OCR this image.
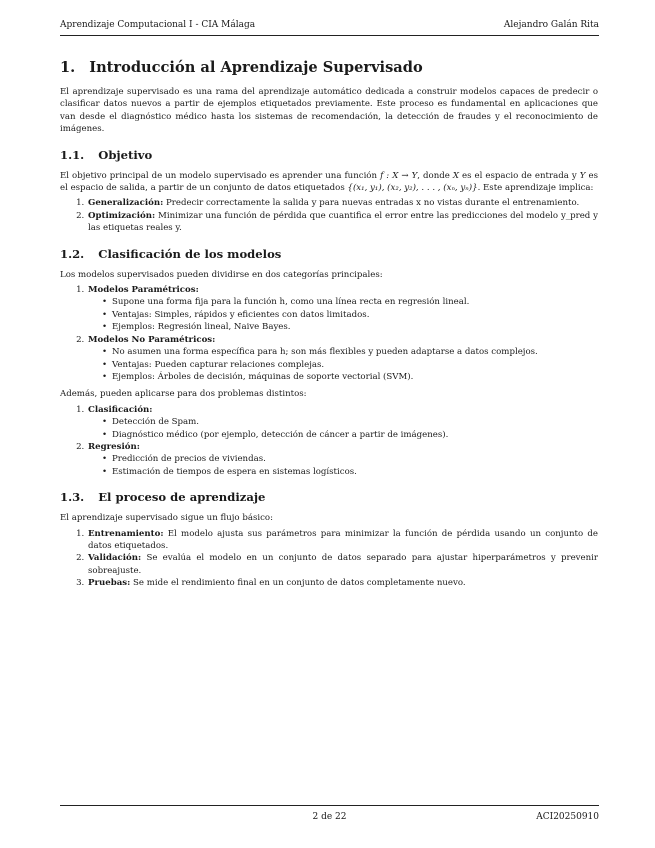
Aprendizaje Computacional I - CIA Málaga	Alejandro Galán Rita
1. Introducción al Aprendizaje Supervisado

El aprendizaje supervisado es una rama del aprendizaje automático dedicada a construir modelos capaces de predecir o clasificar datos nuevos a partir de ejemplos etiquetados previamente. Este proceso es fundamental en aplicaciones que van desde el diagnóstico médico hasta los sistemas de recomendación, la detección de fraudes y el reconocimiento de imágenes.

1.1. Objetivo

El objetivo principal de un modelo supervisado es aprender una función f : X → Y, donde X es el espacio de entrada y Y es el espacio de salida, a partir de un conjunto de datos etiquetados {(x₁, y₁), (x₂, y₂), . . . , (xₙ, yₙ)}. Este aprendizaje implica:

1. Generalización: Predecir correctamente la salida y para nuevas entradas x no vistas durante el entrenamiento.
2. Optimización: Minimizar una función de pérdida que cuantifica el error entre las predicciones del modelo y_pred y las etiquetas reales y.
1.2. Clasificación de los modelos

Los modelos supervisados pueden dividirse en dos categorías principales:

1. Modelos Paramétricos:
• Supone una forma fija para la función h, como una línea recta en regresión lineal.
• Ventajas: Simples, rápidos y eficientes con datos limitados.
• Ejemplos: Regresión lineal, Naive Bayes.
2. Modelos No Paramétricos:
• No asumen una forma específica para h; son más flexibles y pueden adaptarse a datos complejos.
• Ventajas: Pueden capturar relaciones complejas.
• Ejemplos: Árboles de decisión, máquinas de soporte vectorial (SVM).

Además, pueden aplicarse para dos problemas distintos:

1. Clasificación:
• Detección de Spam.
• Diagnóstico médico (por ejemplo, detección de cáncer a partir de imágenes).
2. Regresión:
• Predicción de precios de viviendas.
• Estimación de tiempos de espera en sistemas logísticos.
1.3. El proceso de aprendizaje

El aprendizaje supervisado sigue un flujo básico:

1. Entrenamiento: El modelo ajusta sus parámetros para minimizar la función de pérdida usando un conjunto de datos etiquetados.
2. Validación: Se evalúa el modelo en un conjunto de datos separado para ajustar hiperparámetros y prevenir sobreajuste.
3. Pruebas: Se mide el rendimiento final en un conjunto de datos completamente nuevo.
2 de 22	ACI20250910
